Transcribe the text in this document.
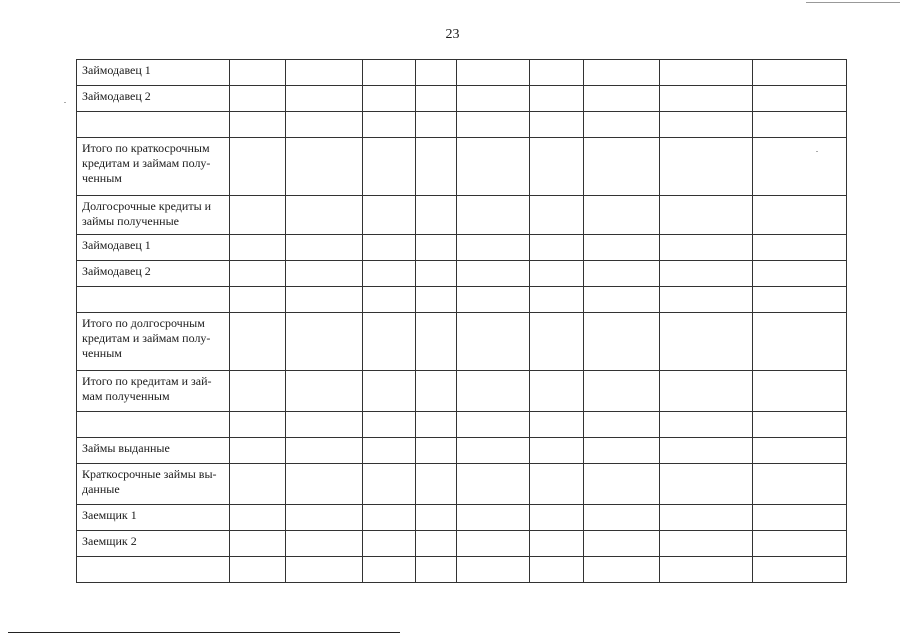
23
Займодавец 1									
Займодавец 2									

Итого по краткосрочным кредитам и займам полу-ченным									
Долгосрочные кредиты и займы полученные									
Займодавец 1									
Займодавец 2									

Итого по долгосрочным кредитам и займам полу-ченным									
Итого по кредитам и зай-мам полученным									

Займы выданные									
Краткосрочные займы вы-данные									
Заемщик 1									
Заемщик 2									
